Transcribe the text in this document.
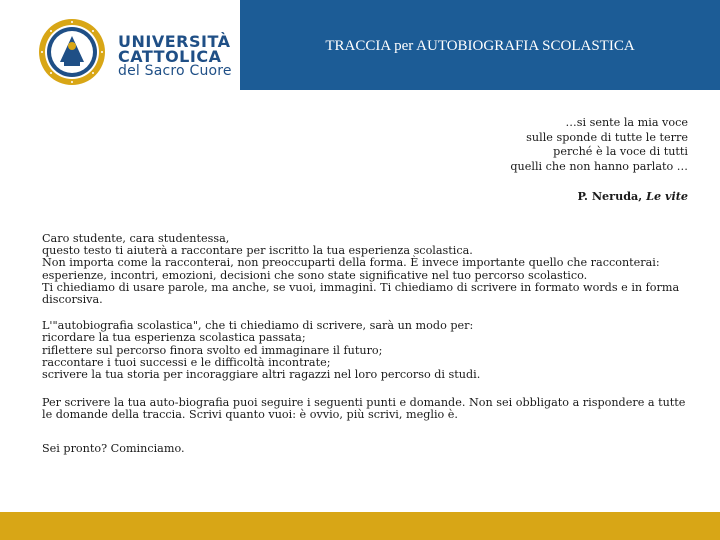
UNIVERSITÀ
CATTOLICA
del Sacro Cuore
TRACCIA per AUTOBIOGRAFIA SCOLASTICA
…si sente la mia voce
sulle sponde di tutte le terre
perché è la voce di tutti
quelli che non hanno parlato …
P. Neruda, Le vite

Caro studente, cara studentessa,

questo testo ti aiuterà a raccontare per iscritto la tua esperienza scolastica.

Non importa come la racconterai, non preoccuparti della forma. È invece importante quello che racconterai: esperienze, incontri, emozioni, decisioni che sono state significative nel tuo percorso scolastico.

Ti chiediamo di usare parole, ma anche, se vuoi, immagini. Ti chiediamo di scrivere in formato words e in forma discorsiva.

L'"autobiografia scolastica", che ti chiediamo di scrivere, sarà un modo per:

ricordare la tua esperienza scolastica passata;

riflettere sul percorso finora svolto ed immaginare il futuro;

raccontare i tuoi successi e le difficoltà incontrate;

scrivere la tua storia per incoraggiare altri ragazzi nel loro percorso di studi.

Per scrivere la tua auto-biografia puoi seguire i seguenti punti e domande. Non sei obbligato a rispondere a tutte le domande della traccia. Scrivi quanto vuoi: è ovvio, più scrivi, meglio è.

Sei pronto? Cominciamo.
